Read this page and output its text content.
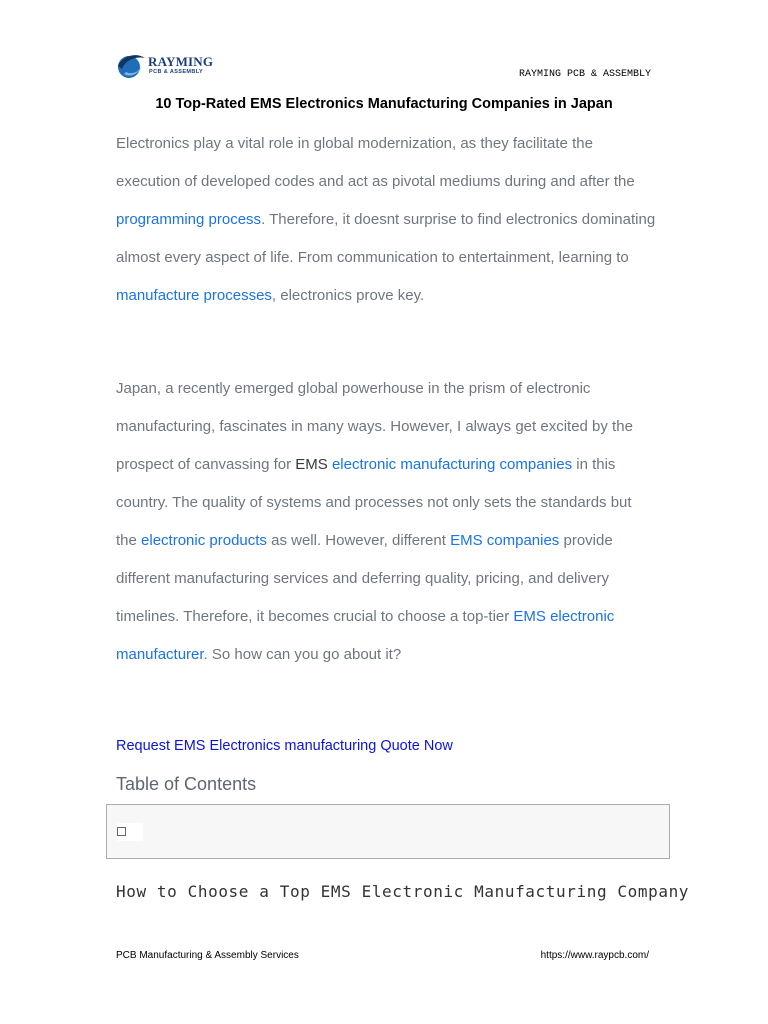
RAYMING
PCB & ASSEMBLY	RAYMING PCB & ASSEMBLY
10 Top-Rated EMS Electronics Manufacturing Companies in Japan

Electronics play a vital role in global modernization, as they facilitate the execution of developed codes and act as pivotal mediums during and after the programming process. Therefore, it doesnt surprise to find electronics dominating almost every aspect of life. From communication to entertainment, learning to manufacture processes, electronics prove key.

Japan, a recently emerged global powerhouse in the prism of electronic manufacturing, fascinates in many ways. However, I always get excited by the prospect of canvassing for EMS electronic manufacturing companies in this country. The quality of systems and processes not only sets the standards but the electronic products as well. However, different EMS companies provide different manufacturing services and deferring quality, pricing, and delivery timelines. Therefore, it becomes crucial to choose a top-tier EMS electronic manufacturer. So how can you go about it?

Request EMS Electronics manufacturing Quote Now
Table of Contents
How to Choose a Top EMS Electronic Manufacturing Company
PCB Manufacturing & Assembly Services	https://www.raypcb.com/
